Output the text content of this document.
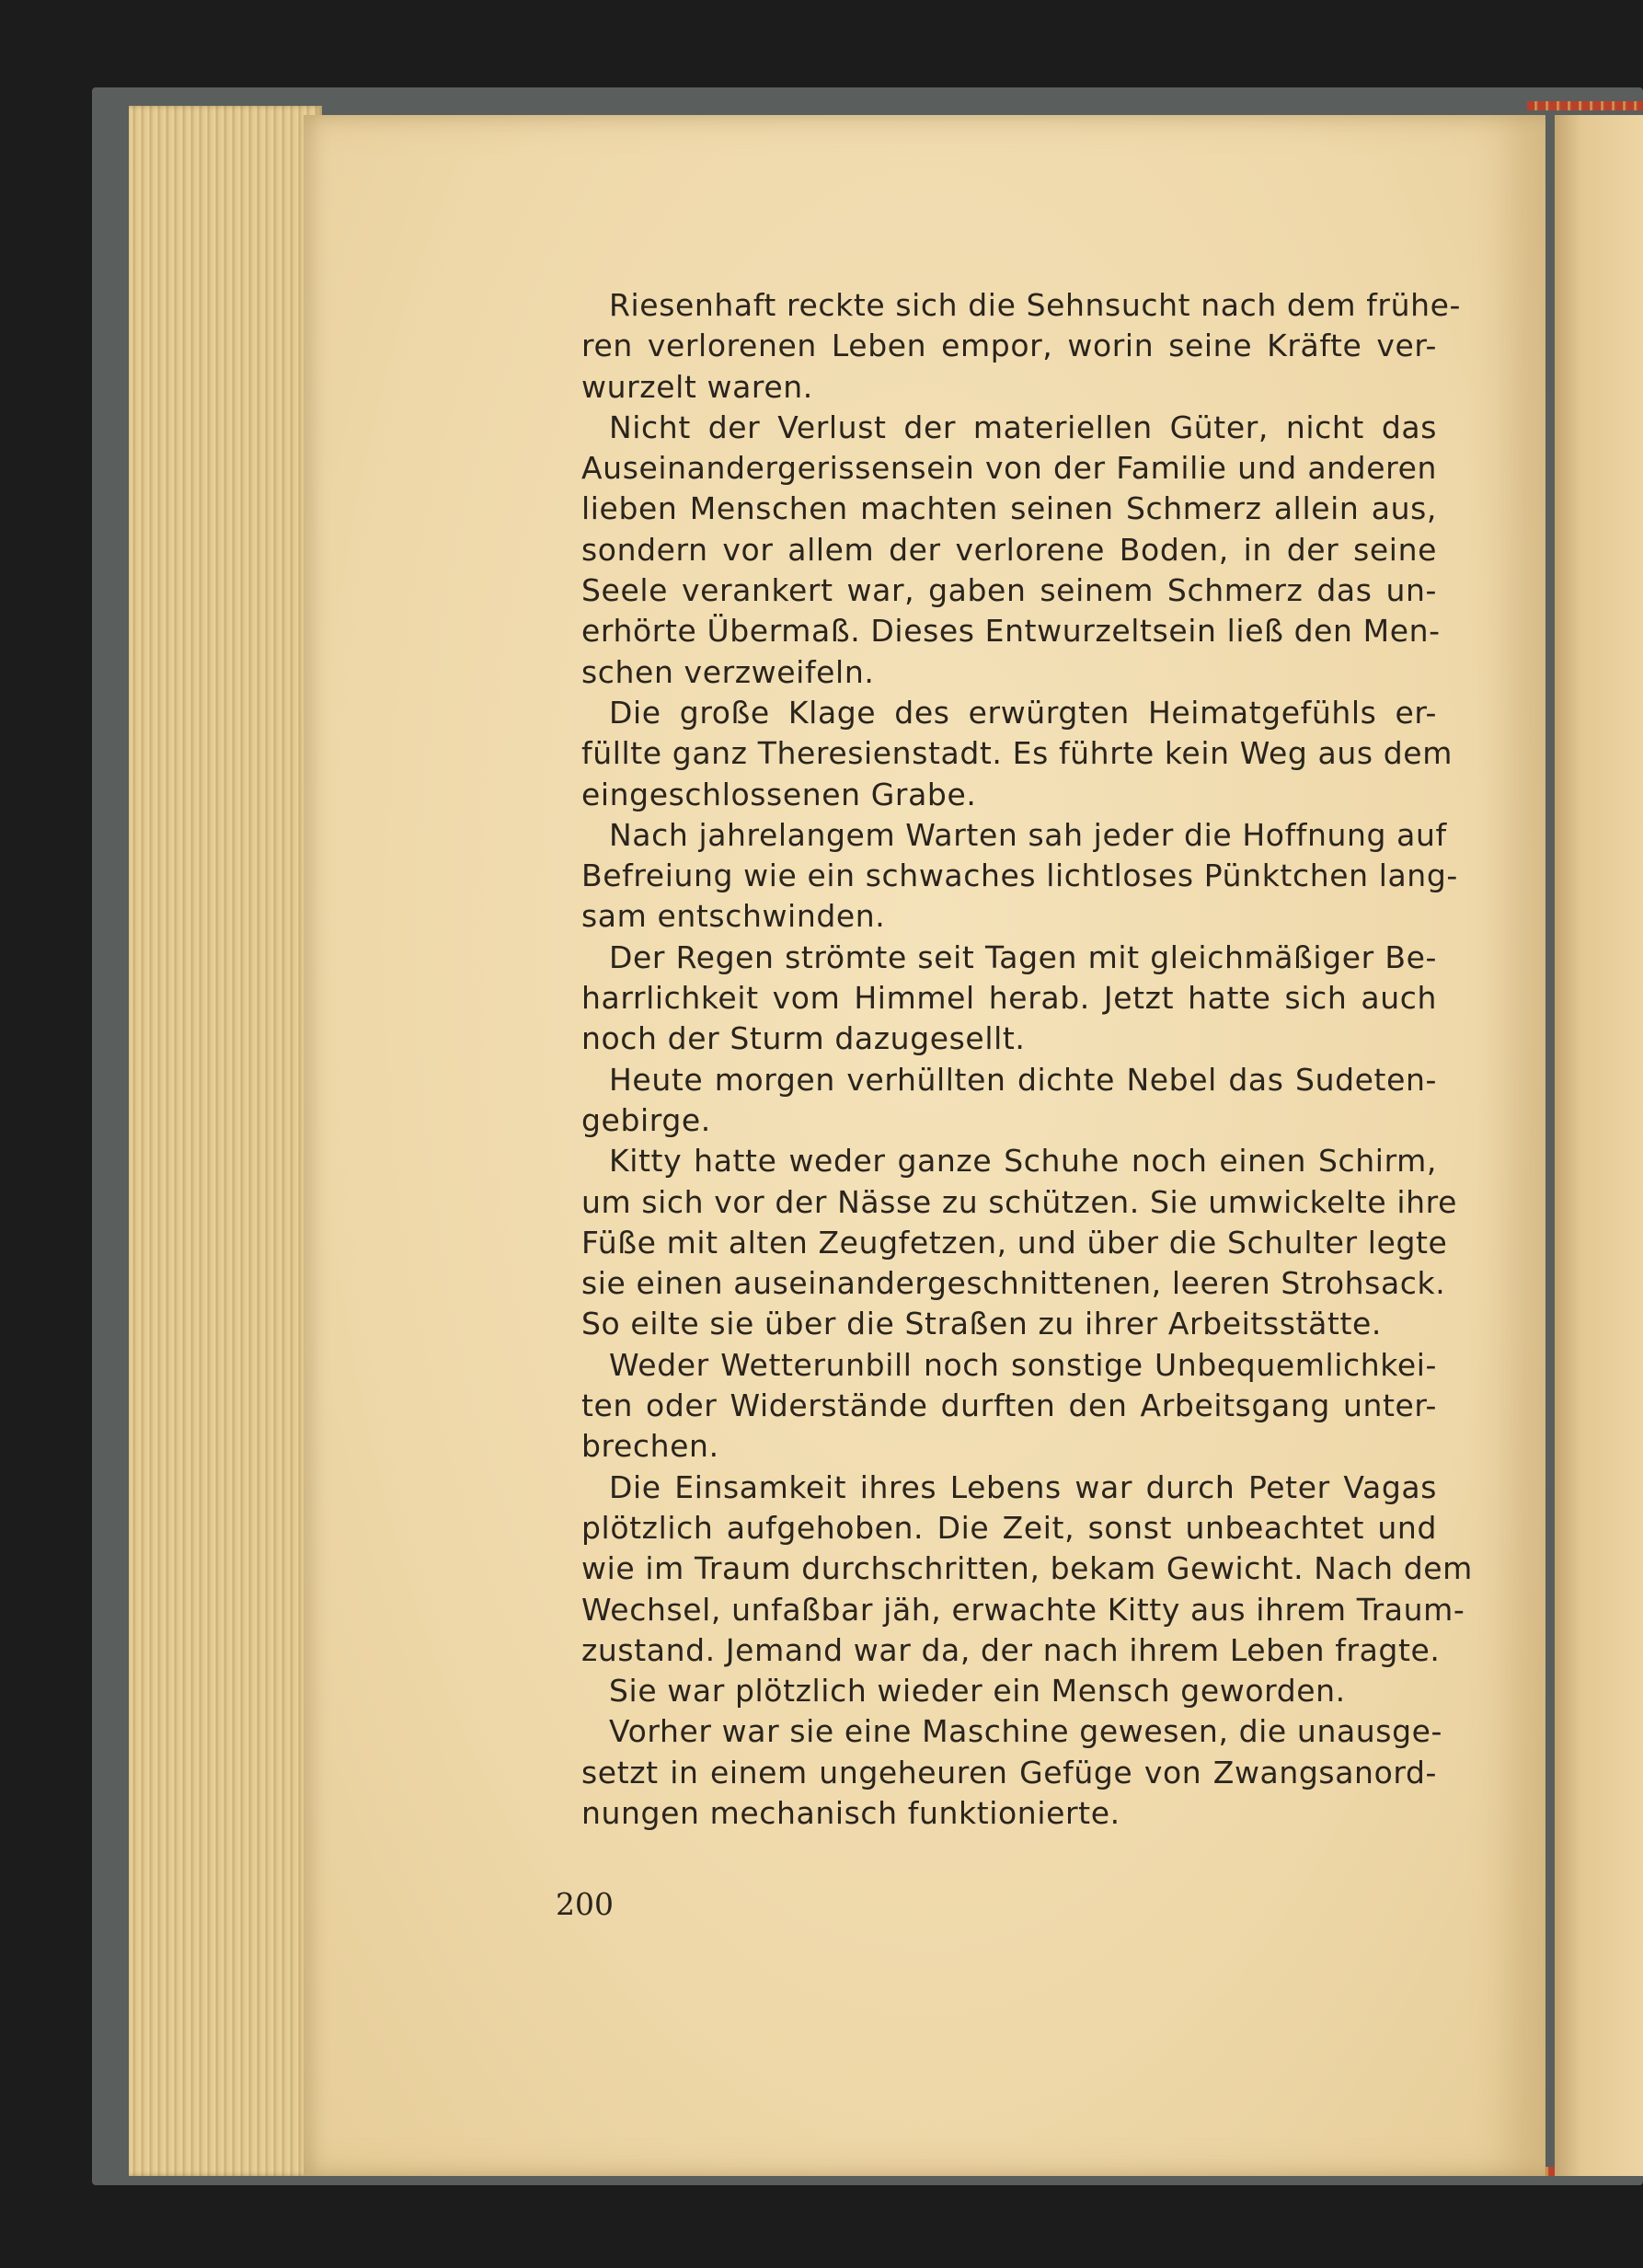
Riesenhaft reckte sich die Sehnsucht nach dem frühe-
ren verlorenen Leben empor, worin seine Kräfte ver-
wurzelt waren.
Nicht der Verlust der materiellen Güter, nicht das
Auseinandergerissensein von der Familie und anderen
lieben Menschen machten seinen Schmerz allein aus,
sondern vor allem der verlorene Boden, in der seine
Seele verankert war, gaben seinem Schmerz das un-
erhörte Übermaß. Dieses Entwurzeltsein ließ den Men-
schen verzweifeln.
Die große Klage des erwürgten Heimatgefühls er-
füllte ganz Theresienstadt. Es führte kein Weg aus dem
eingeschlossenen Grabe.
Nach jahrelangem Warten sah jeder die Hoffnung auf
Befreiung wie ein schwaches lichtloses Pünktchen lang-
sam entschwinden.
Der Regen strömte seit Tagen mit gleichmäßiger Be-
harrlichkeit vom Himmel herab. Jetzt hatte sich auch
noch der Sturm dazugesellt.
Heute morgen verhüllten dichte Nebel das Sudeten-
gebirge.
Kitty hatte weder ganze Schuhe noch einen Schirm,
um sich vor der Nässe zu schützen. Sie umwickelte ihre
Füße mit alten Zeugfetzen, und über die Schulter legte
sie einen auseinandergeschnittenen, leeren Strohsack.
So eilte sie über die Straßen zu ihrer Arbeitsstätte.
Weder Wetterunbill noch sonstige Unbequemlichkei-
ten oder Widerstände durften den Arbeitsgang unter-
brechen.
Die Einsamkeit ihres Lebens war durch Peter Vagas
plötzlich aufgehoben. Die Zeit, sonst unbeachtet und
wie im Traum durchschritten, bekam Gewicht. Nach dem
Wechsel, unfaßbar jäh, erwachte Kitty aus ihrem Traum-
zustand. Jemand war da, der nach ihrem Leben fragte.
Sie war plötzlich wieder ein Mensch geworden.
Vorher war sie eine Maschine gewesen, die unausge-
setzt in einem ungeheuren Gefüge von Zwangsanord-
nungen mechanisch funktionierte.
200
